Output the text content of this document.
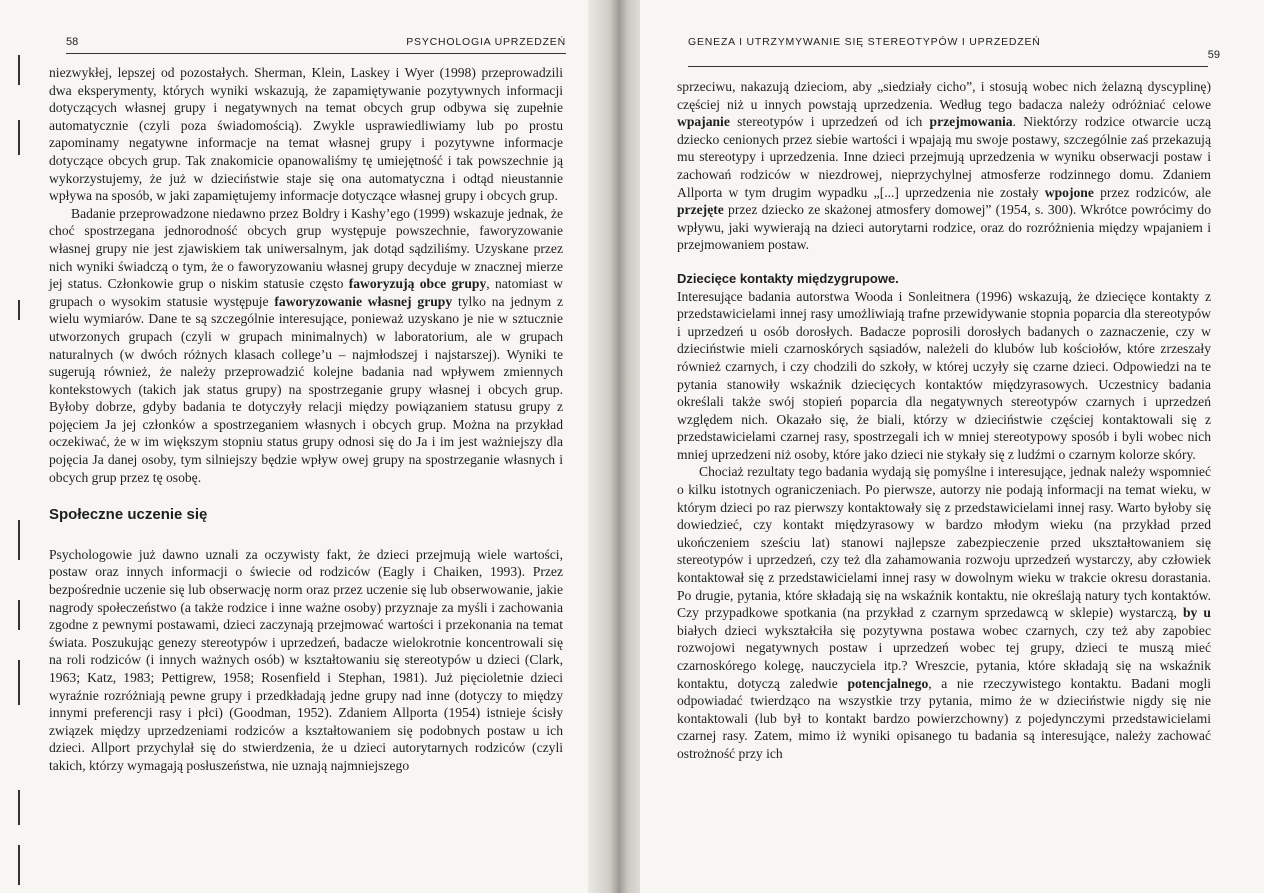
58	PSYCHOLOGIA UPRZEDZEŃ

niezwykłej, lepszej od pozostałych. Sherman, Klein, Laskey i Wyer (1998) przeprowadzili dwa eksperymenty, których wyniki wskazują, że zapamiętywanie pozytywnych informacji dotyczących własnej grupy i negatywnych na temat obcych grup odbywa się zupełnie automatycznie (czyli poza świadomością). Zwykle usprawiedliwiamy lub po prostu zapominamy negatywne informacje na temat własnej grupy i pozytywne informacje dotyczące obcych grup. Tak znakomicie opanowaliśmy tę umiejętność i tak powszechnie ją wykorzystujemy, że już w dzieciństwie staje się ona automatyczna i odtąd nieustannie wpływa na sposób, w jaki zapamiętujemy informacje dotyczące własnej grupy i obcych grup.

Badanie przeprowadzone niedawno przez Boldry i Kashy’ego (1999) wskazuje jednak, że choć spostrzegana jednorodność obcych grup występuje powszechnie, faworyzowanie własnej grupy nie jest zjawiskiem tak uniwersalnym, jak dotąd sądziliśmy. Uzyskane przez nich wyniki świadczą o tym, że o faworyzowaniu własnej grupy decyduje w znacznej mierze jej status. Członkowie grup o niskim statusie często faworyzują obce grupy, natomiast w grupach o wysokim statusie występuje faworyzowanie własnej grupy tylko na jednym z wielu wymiarów. Dane te są szczególnie interesujące, ponieważ uzyskano je nie w sztucznie utworzonych grupach (czyli w grupach minimalnych) w laboratorium, ale w grupach naturalnych (w dwóch różnych klasach college’u – najmłodszej i najstarszej). Wyniki te sugerują również, że należy przeprowadzić kolejne badania nad wpływem zmiennych kontekstowych (takich jak status grupy) na spostrzeganie grupy własnej i obcych grup. Byłoby dobrze, gdyby badania te dotyczyły relacji między powiązaniem statusu grupy z pojęciem Ja jej członków a spostrzeganiem własnych i obcych grup. Można na przykład oczekiwać, że w im większym stopniu status grupy odnosi się do Ja i im jest ważniejszy dla pojęcia Ja danej osoby, tym silniejszy będzie wpływ owej grupy na spostrzeganie własnych i obcych grup przez tę osobę.

Społeczne uczenie się

Psychologowie już dawno uznali za oczywisty fakt, że dzieci przejmują wiele wartości, postaw oraz innych informacji o świecie od rodziców (Eagly i Chaiken, 1993). Przez bezpośrednie uczenie się lub obserwację norm oraz przez uczenie się lub obserwowanie, jakie nagrody społeczeństwo (a także rodzice i inne ważne osoby) przyznaje za myśli i zachowania zgodne z pewnymi postawami, dzieci zaczynają przejmować wartości i przekonania na temat świata. Poszukując genezy stereotypów i uprzedzeń, badacze wielokrotnie koncentrowali się na roli rodziców (i innych ważnych osób) w kształtowaniu się stereotypów u dzieci (Clark, 1963; Katz, 1983; Pettigrew, 1958; Rosenfield i Stephan, 1981). Już pięcioletnie dzieci wyraźnie rozróżniają pewne grupy i przedkładają jedne grupy nad inne (dotyczy to między innymi preferencji rasy i płci) (Goodman, 1952). Zdaniem Allporta (1954) istnieje ścisły związek między uprzedzeniami rodziców a kształtowaniem się podobnych postaw u ich dzieci. Allport przychylał się do stwierdzenia, że u dzieci autorytarnych rodziców (czyli takich, którzy wymagają posłuszeństwa, nie uznają najmniejszego

GENEZA I UTRZYMYWANIE SIĘ STEREOTYPÓW I UPRZEDZEŃ
59

sprzeciwu, nakazują dzieciom, aby „siedziały cicho”, i stosują wobec nich żelazną dyscyplinę) częściej niż u innych powstają uprzedzenia. Według tego badacza należy odróżniać celowe wpajanie stereotypów i uprzedzeń od ich przejmowania. Niektórzy rodzice otwarcie uczą dziecko cenionych przez siebie wartości i wpajają mu swoje postawy, szczególnie zaś przekazują mu stereotypy i uprzedzenia. Inne dzieci przejmują uprzedzenia w wyniku obserwacji postaw i zachowań rodziców w niezdrowej, nieprzychylnej atmosferze rodzinnego domu. Zdaniem Allporta w tym drugim wypadku „[...] uprzedzenia nie zostały wpojone przez rodziców, ale przejęte przez dziecko ze skażonej atmosfery domowej” (1954, s. 300). Wkrótce powrócimy do wpływu, jaki wywierają na dzieci autorytarni rodzice, oraz do rozróżnienia między wpajaniem i przejmowaniem postaw.

Dziecięce kontakty międzygrupowe.

Interesujące badania autorstwa Wooda i Sonleitnera (1996) wskazują, że dziecięce kontakty z przedstawicielami innej rasy umożliwiają trafne przewidywanie stopnia poparcia dla stereotypów i uprzedzeń u osób dorosłych. Badacze poprosili dorosłych badanych o zaznaczenie, czy w dzieciństwie mieli czarnoskórych sąsiadów, należeli do klubów lub kościołów, które zrzeszały również czarnych, i czy chodzili do szkoły, w której uczyły się czarne dzieci. Odpowiedzi na te pytania stanowiły wskaźnik dziecięcych kontaktów międzyrasowych. Uczestnicy badania określali także swój stopień poparcia dla negatywnych stereotypów czarnych i uprzedzeń względem nich. Okazało się, że biali, którzy w dzieciństwie częściej kontaktowali się z przedstawicielami czarnej rasy, spostrzegali ich w mniej stereotypowy sposób i byli wobec nich mniej uprzedzeni niż osoby, które jako dzieci nie stykały się z ludźmi o czarnym kolorze skóry.

Chociaż rezultaty tego badania wydają się pomyślne i interesujące, jednak należy wspomnieć o kilku istotnych ograniczeniach. Po pierwsze, autorzy nie podają informacji na temat wieku, w którym dzieci po raz pierwszy kontaktowały się z przedstawicielami innej rasy. Warto byłoby się dowiedzieć, czy kontakt międzyrasowy w bardzo młodym wieku (na przykład przed ukończeniem sześciu lat) stanowi najlepsze zabezpieczenie przed ukształtowaniem się stereotypów i uprzedzeń, czy też dla zahamowania rozwoju uprzedzeń wystarczy, aby człowiek kontaktował się z przedstawicielami innej rasy w dowolnym wieku w trakcie okresu dorastania. Po drugie, pytania, które składają się na wskaźnik kontaktu, nie określają natury tych kontaktów. Czy przypadkowe spotkania (na przykład z czarnym sprzedawcą w sklepie) wystarczą, by u białych dzieci wykształciła się pozytywna postawa wobec czarnych, czy też aby zapobiec rozwojowi negatywnych postaw i uprzedzeń wobec tej grupy, dzieci te muszą mieć czarnoskórego kolegę, nauczyciela itp.? Wreszcie, pytania, które składają się na wskaźnik kontaktu, dotyczą zaledwie potencjalnego, a nie rzeczywistego kontaktu. Badani mogli odpowiadać twierdząco na wszystkie trzy pytania, mimo że w dzieciństwie nigdy się nie kontaktowali (lub był to kontakt bardzo powierzchowny) z pojedynczymi przedstawicielami czarnej rasy. Zatem, mimo iż wyniki opisanego tu badania są interesujące, należy zachować ostrożność przy ich
